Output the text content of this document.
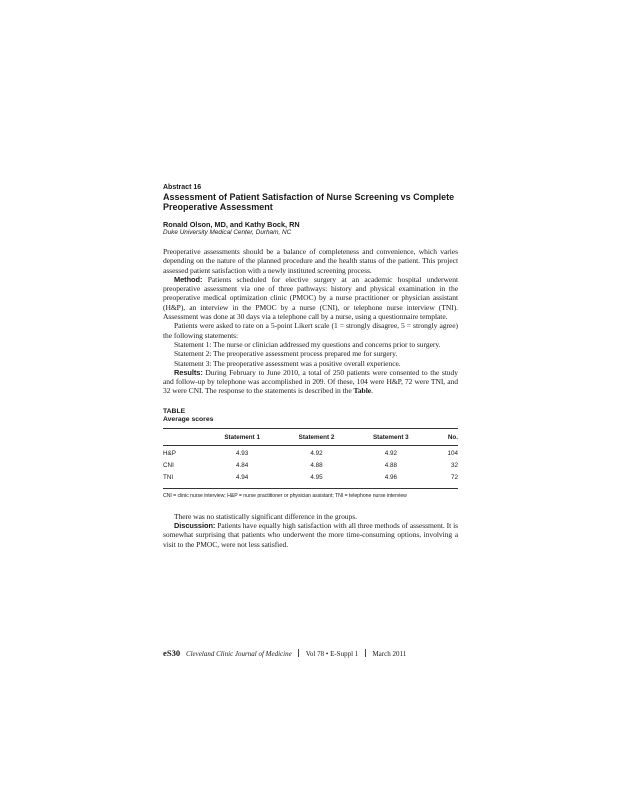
Abstract 16

Assessment of Patient Satisfaction of Nurse Screening vs Complete Preoperative Assessment

Ronald Olson, MD, and Kathy Bock, RN

Duke University Medical Center, Durham, NC

Preoperative assessments should be a balance of completeness and convenience, which varies depending on the nature of the planned procedure and the health status of the patient. This project assessed patient satisfaction with a newly instituted screening process.

Method: Patients scheduled for elective surgery at an academic hospital underwent preoperative assessment via one of three pathways: history and physical examination in the preoperative medical optimization clinic (PMOC) by a nurse practitioner or physician assistant (H&P), an interview in the PMOC by a nurse (CNI), or telephone nurse interview (TNI). Assessment was done at 30 days via a telephone call by a nurse, using a questionnaire template.

Patients were asked to rate on a 5-point Likert scale (1 = strongly disagree, 5 = strongly agree) the following statements:

Statement 1: The nurse or clinician addressed my questions and concerns prior to surgery.

Statement 2: The preoperative assessment process prepared me for surgery.

Statement 3: The preoperative assessment was a positive overall experience.

Results: During February to June 2010, a total of 250 patients were consented to the study and follow-up by telephone was accomplished in 209. Of these, 104 were H&P, 72 were TNI, and 32 were CNI. The response to the statements is described in the Table.

TABLE

Average scores

	Statement 1	Statement 2	Statement 3	No.
H&P	4.93	4.92	4.92	104
CNI	4.84	4.88	4.88	32
TNI	4.94	4.95	4.96	72

CNI = clinic nurse interview; H&P = nurse practitioner or physician assistant; TNI = telephone nurse interview

There was no statistically significant difference in the groups.

Discussion: Patients have equally high satisfaction with all three methods of assessment. It is somewhat surprising that patients who underwent the more time-consuming options, involving a visit to the PMOC, were not less satisfied.

eS30 Cleveland Clinic Journal of Medicine Vol 78 • E-Suppl 1 March 2011
